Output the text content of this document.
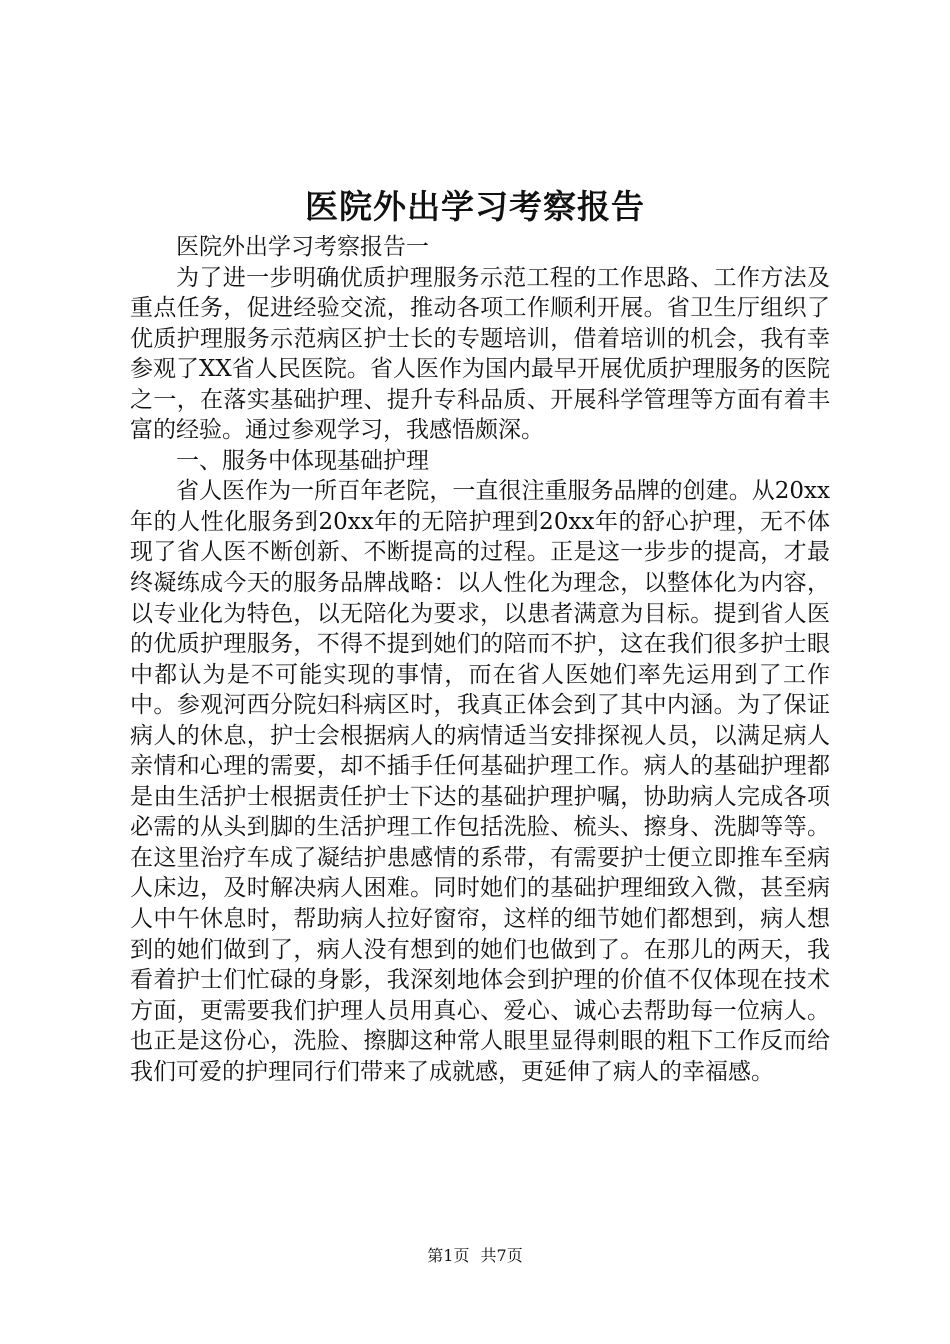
医院外出学习考察报告

医院外出学习考察报告一

为了进一步明确优质护理服务示范工程的工作思路、工作方法及重点任务，促进经验交流，推动各项工作顺利开展。省卫生厅组织了优质护理服务示范病区护士长的专题培训，借着培训的机会，我有幸参观了XX省人民医院。省人医作为国内最早开展优质护理服务的医院之一，在落实基础护理、提升专科品质、开展科学管理等方面有着丰富的经验。通过参观学习，我感悟颇深。

一、服务中体现基础护理

省人医作为一所百年老院，一直很注重服务品牌的创建。从20xx年的人性化服务到20xx年的无陪护理到20xx年的舒心护理，无不体现了省人医不断创新、不断提高的过程。正是这一步步的提高，才最终凝练成今天的服务品牌战略：以人性化为理念，以整体化为内容，以专业化为特色，以无陪化为要求，以患者满意为目标。提到省人医的优质护理服务，不得不提到她们的陪而不护，这在我们很多护士眼中都认为是不可能实现的事情，而在省人医她们率先运用到了工作中。参观河西分院妇科病区时，我真正体会到了其中内涵。为了保证病人的休息，护士会根据病人的病情适当安排探视人员，以满足病人亲情和心理的需要，却不插手任何基础护理工作。病人的基础护理都是由生活护士根据责任护士下达的基础护理护嘱，协助病人完成各项必需的从头到脚的生活护理工作包括洗脸、梳头、擦身、洗脚等等。在这里治疗车成了凝结护患感情的系带，有需要护士便立即推车至病人床边，及时解决病人困难。同时她们的基础护理细致入微，甚至病人中午休息时，帮助病人拉好窗帘，这样的细节她们都想到，病人想到的她们做到了，病人没有想到的她们也做到了。在那儿的两天，我看着护士们忙碌的身影，我深刻地体会到护理的价值不仅体现在技术方面，更需要我们护理人员用真心、爱心、诚心去帮助每一位病人。也正是这份心，洗脸、擦脚这种常人眼里显得刺眼的粗下工作反而给我们可爱的护理同行们带来了成就感，更延伸了病人的幸福感。

第1页 共7页
